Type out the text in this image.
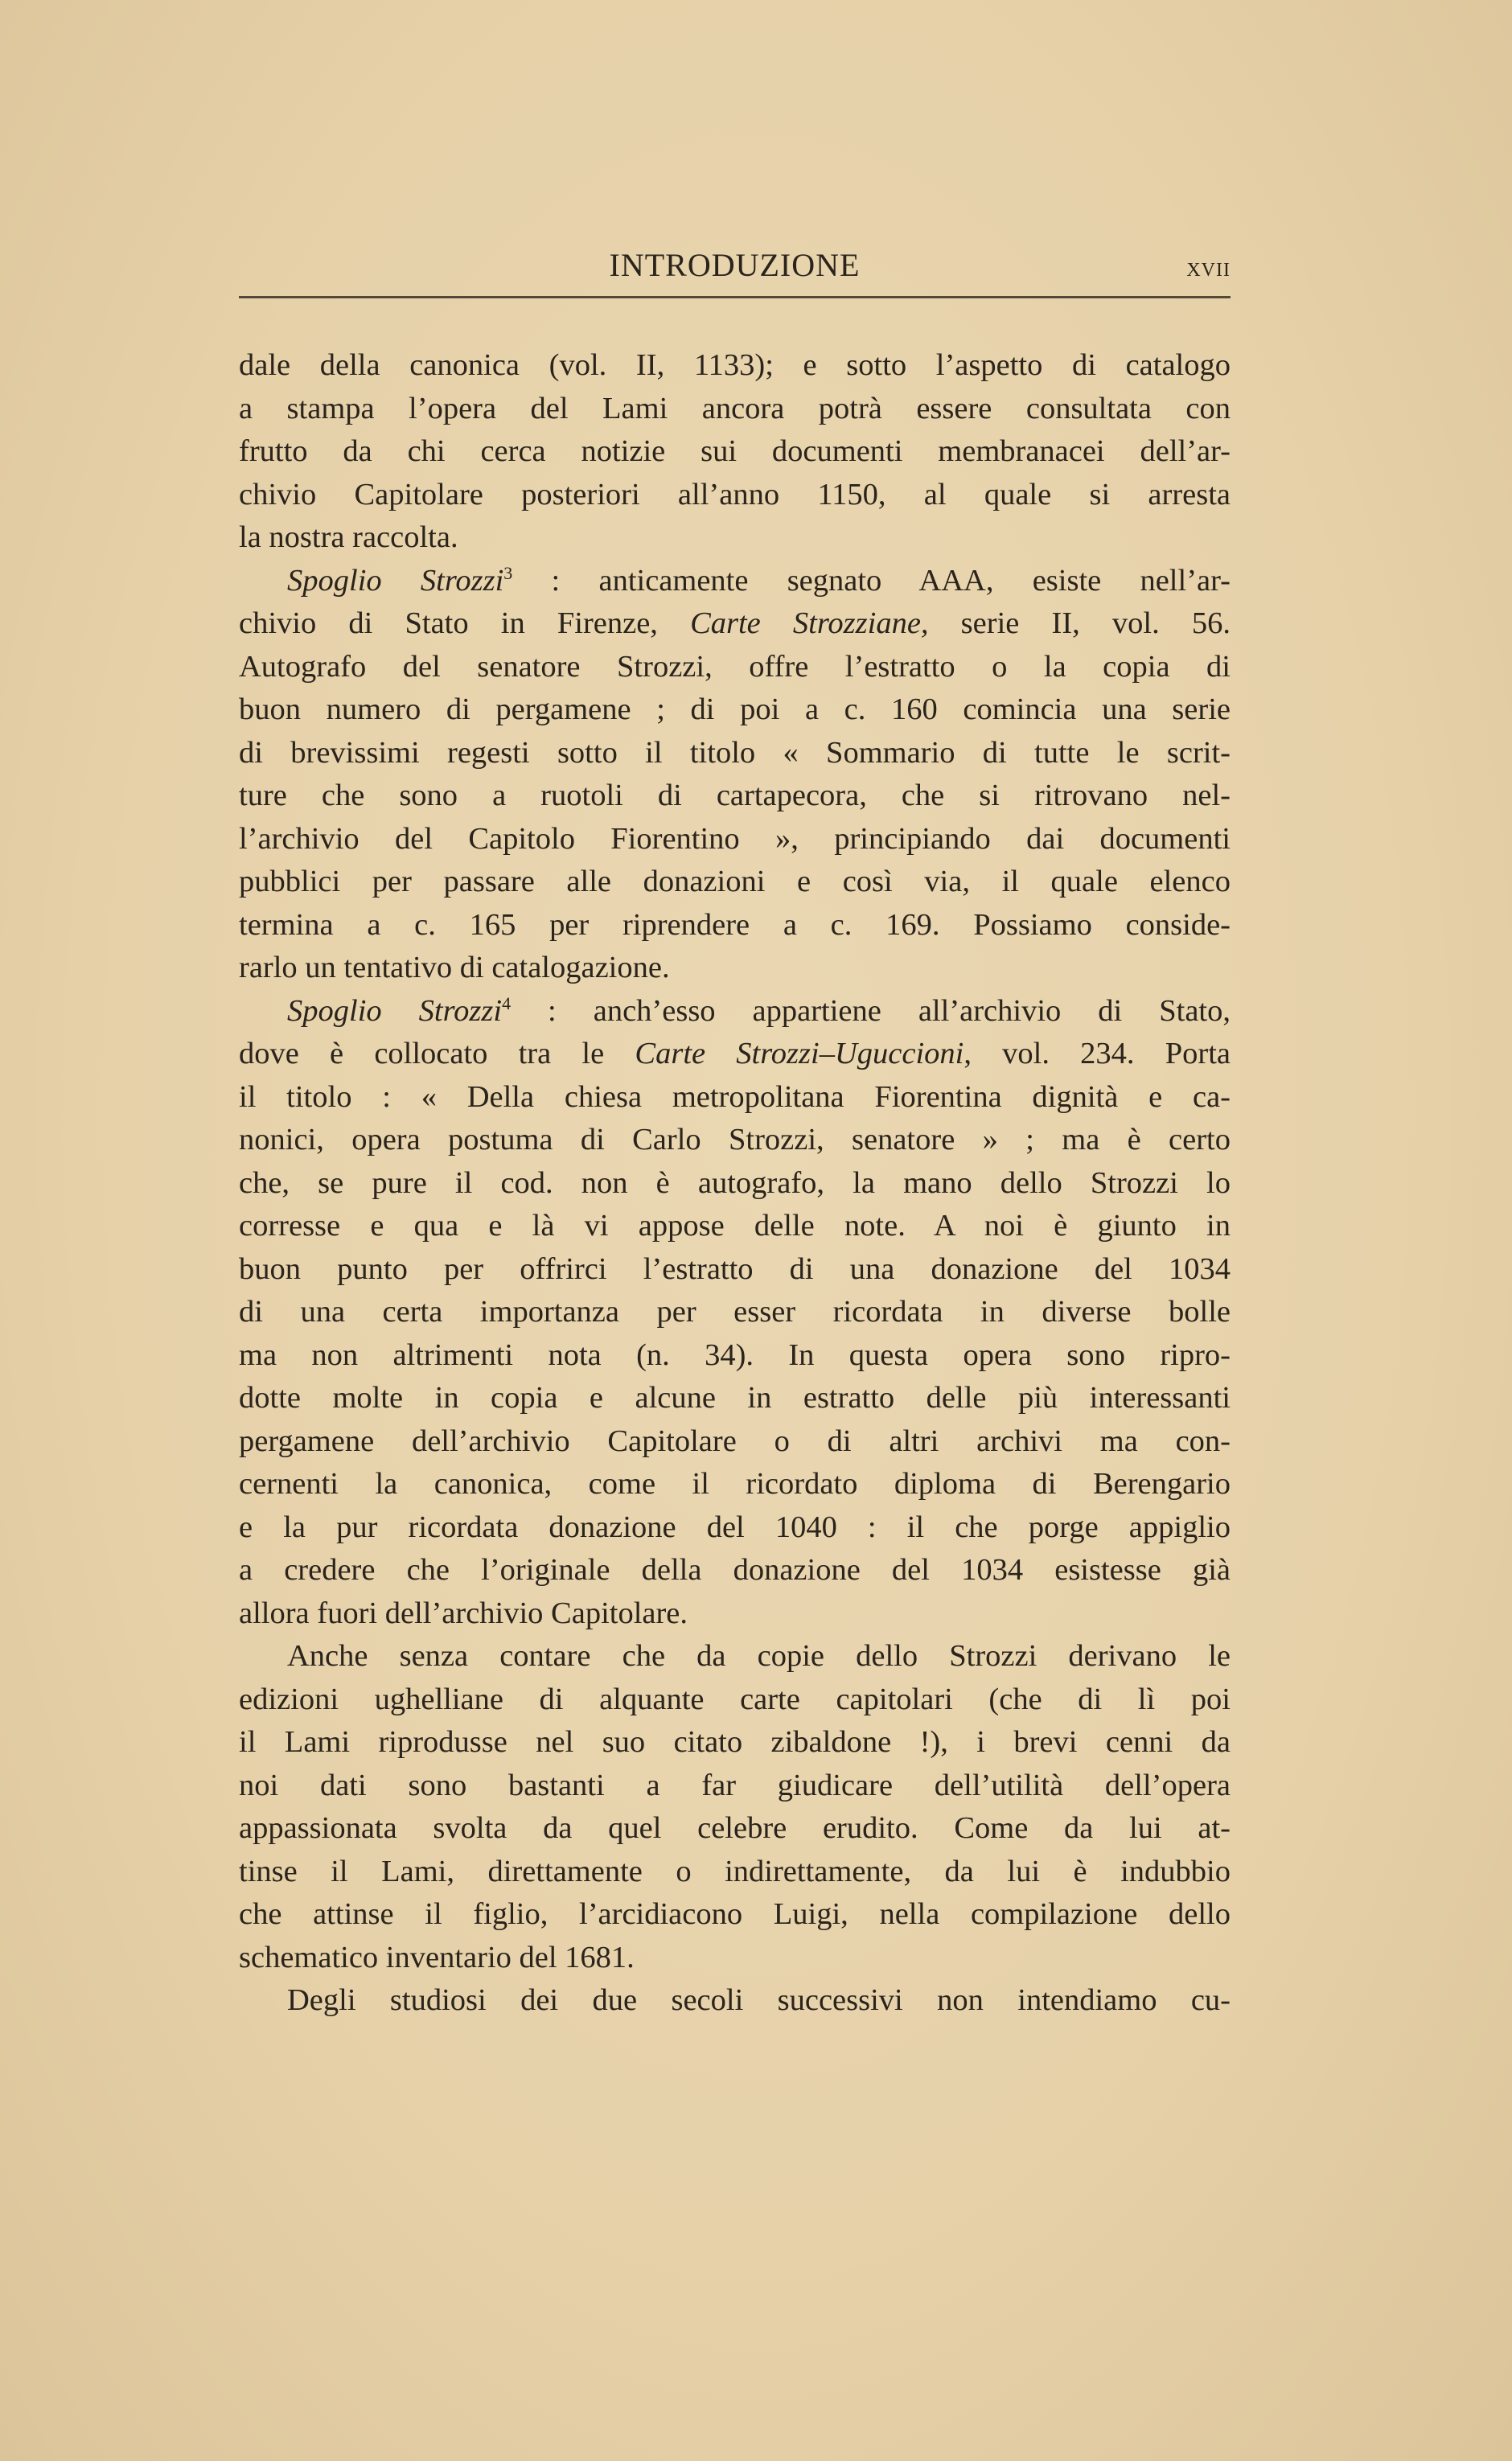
INTRODUZIONE	xvii
dale della canonica (vol. II, 1133); e sotto l’aspetto di catalogo
a stampa l’opera del Lami ancora potrà essere consultata con
frutto da chi cerca notizie sui documenti membranacei dell’ar-
chivio Capitolare posteriori all’anno 1150, al quale si arresta
la nostra raccolta.
Spoglio Strozzi$^3$ : anticamente segnato AAA, esiste nell’ar-
chivio di Stato in Firenze, Carte Strozziane, serie II, vol. 56.
Autografo del senatore Strozzi, offre l’estratto o la copia di
buon numero di pergamene ; di poi a c. 160 comincia una serie
di brevissimi regesti sotto il titolo « Sommario di tutte le scrit-
ture che sono a ruotoli di cartapecora, che si ritrovano nel-
l’archivio del Capitolo Fiorentino », principiando dai documenti
pubblici per passare alle donazioni e così via, il quale elenco
termina a c. 165 per riprendere a c. 169. Possiamo conside-
rarlo un tentativo di catalogazione.
Spoglio Strozzi$^4$ : anch’esso appartiene all’archivio di Stato,
dove è collocato tra le Carte Strozzi–Uguccioni, vol. 234. Porta
il titolo : « Della chiesa metropolitana Fiorentina dignità e ca-
nonici, opera postuma di Carlo Strozzi, senatore » ; ma è certo
che, se pure il cod. non è autografo, la mano dello Strozzi lo
corresse e qua e là vi appose delle note. A noi è giunto in
buon punto per offrirci l’estratto di una donazione del 1034
di una certa importanza per esser ricordata in diverse bolle
ma non altrimenti nota (n. 34). In questa opera sono ripro-
dotte molte in copia e alcune in estratto delle più interessanti
pergamene dell’archivio Capitolare o di altri archivi ma con-
cernenti la canonica, come il ricordato diploma di Berengario
e la pur ricordata donazione del 1040 : il che porge appiglio
a credere che l’originale della donazione del 1034 esistesse già
allora fuori dell’archivio Capitolare.
Anche senza contare che da copie dello Strozzi derivano le
edizioni ughelliane di alquante carte capitolari (che di lì poi
il Lami riprodusse nel suo citato zibaldone !), i brevi cenni da
noi dati sono bastanti a far giudicare dell’utilità dell’opera
appassionata svolta da quel celebre erudito. Come da lui at-
tinse il Lami, direttamente o indirettamente, da lui è indubbio
che attinse il figlio, l’arcidiacono Luigi, nella compilazione dello
schematico inventario del 1681.
Degli studiosi dei due secoli successivi non intendiamo cu-
